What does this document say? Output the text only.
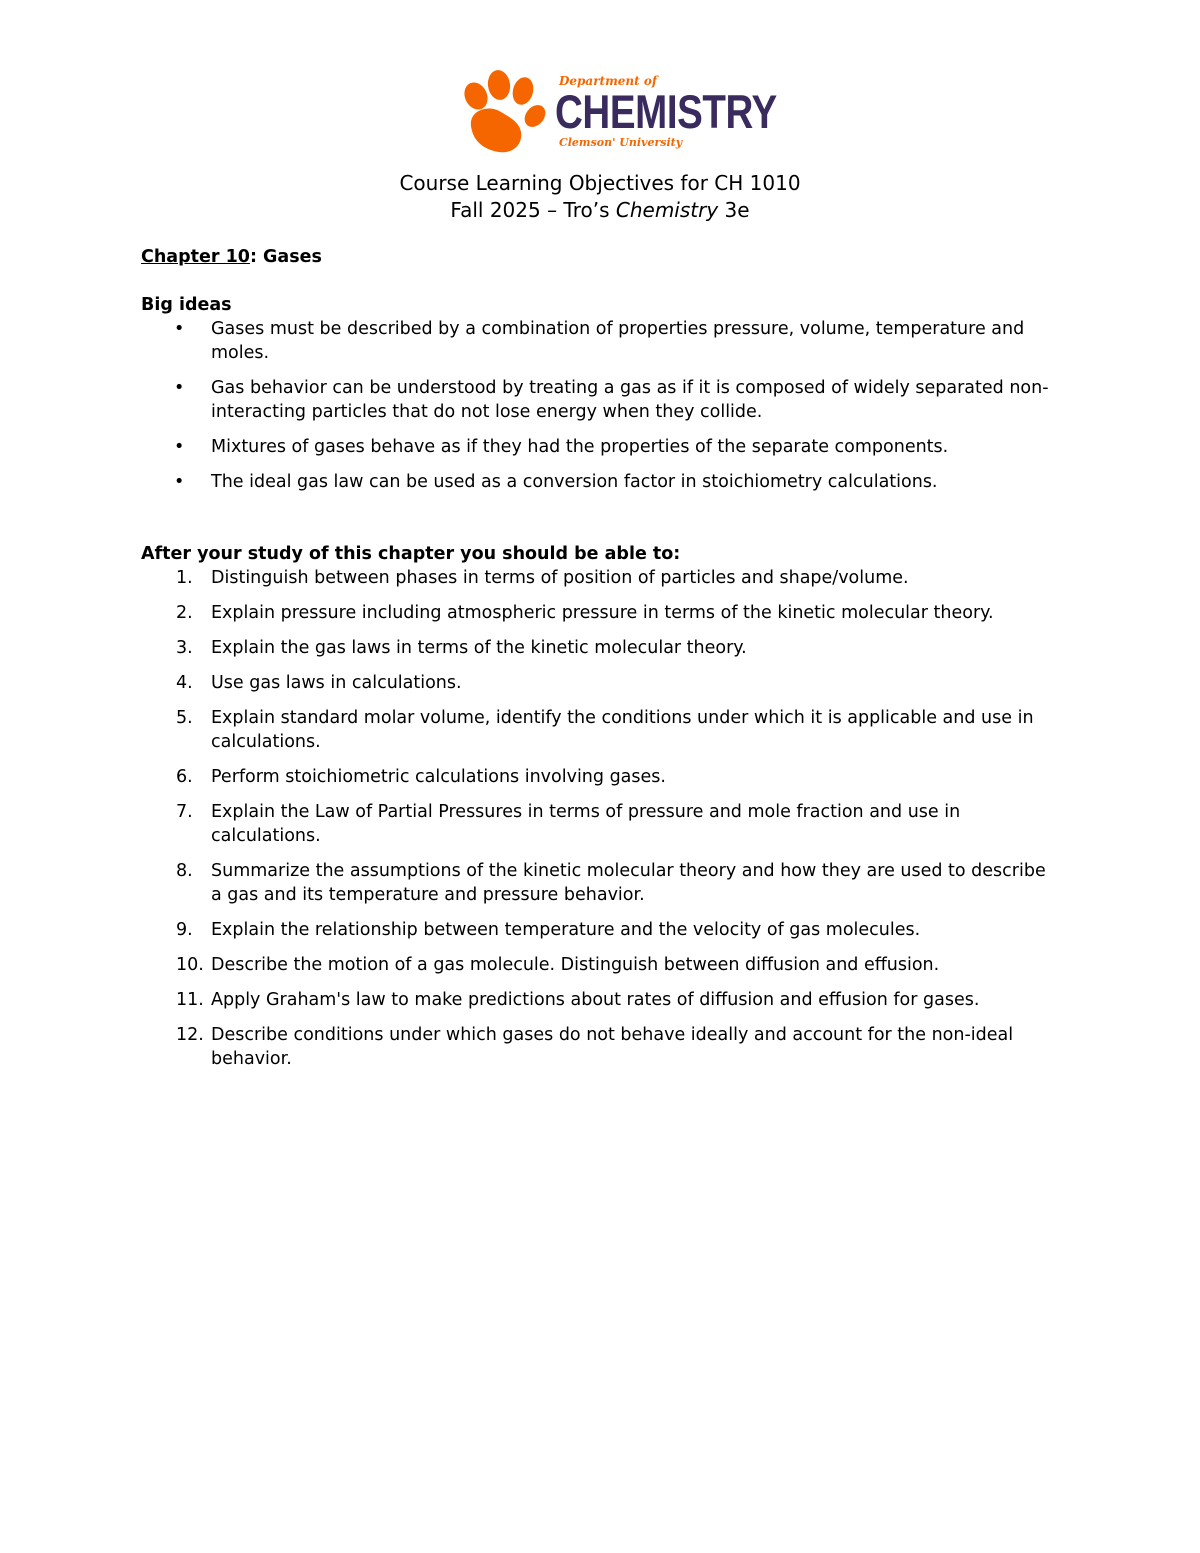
Department of
CHEMISTRY
Clemson' University
Course Learning Objectives for CH 1010
Fall 2025 – Tro’s Chemistry 3e

Chapter 10: Gases

Big ideas

• Gases must be described by a combination of properties pressure, volume, temperature and moles.
• Gas behavior can be understood by treating a gas as if it is composed of widely separated non-interacting particles that do not lose energy when they collide.
• Mixtures of gases behave as if they had the properties of the separate components.
• The ideal gas law can be used as a conversion factor in stoichiometry calculations.

After your study of this chapter you should be able to:

1. Distinguish between phases in terms of position of particles and shape/volume.
2. Explain pressure including atmospheric pressure in terms of the kinetic molecular theory.
3. Explain the gas laws in terms of the kinetic molecular theory.
4. Use gas laws in calculations.
5. Explain standard molar volume, identify the conditions under which it is applicable and use in calculations.
6. Perform stoichiometric calculations involving gases.
7. Explain the Law of Partial Pressures in terms of pressure and mole fraction and use in calculations.
8. Summarize the assumptions of the kinetic molecular theory and how they are used to describe a gas and its temperature and pressure behavior.
9. Explain the relationship between temperature and the velocity of gas molecules.
10. Describe the motion of a gas molecule. Distinguish between diffusion and effusion.
11. Apply Graham's law to make predictions about rates of diffusion and effusion for gases.
12. Describe conditions under which gases do not behave ideally and account for the non-ideal behavior.
